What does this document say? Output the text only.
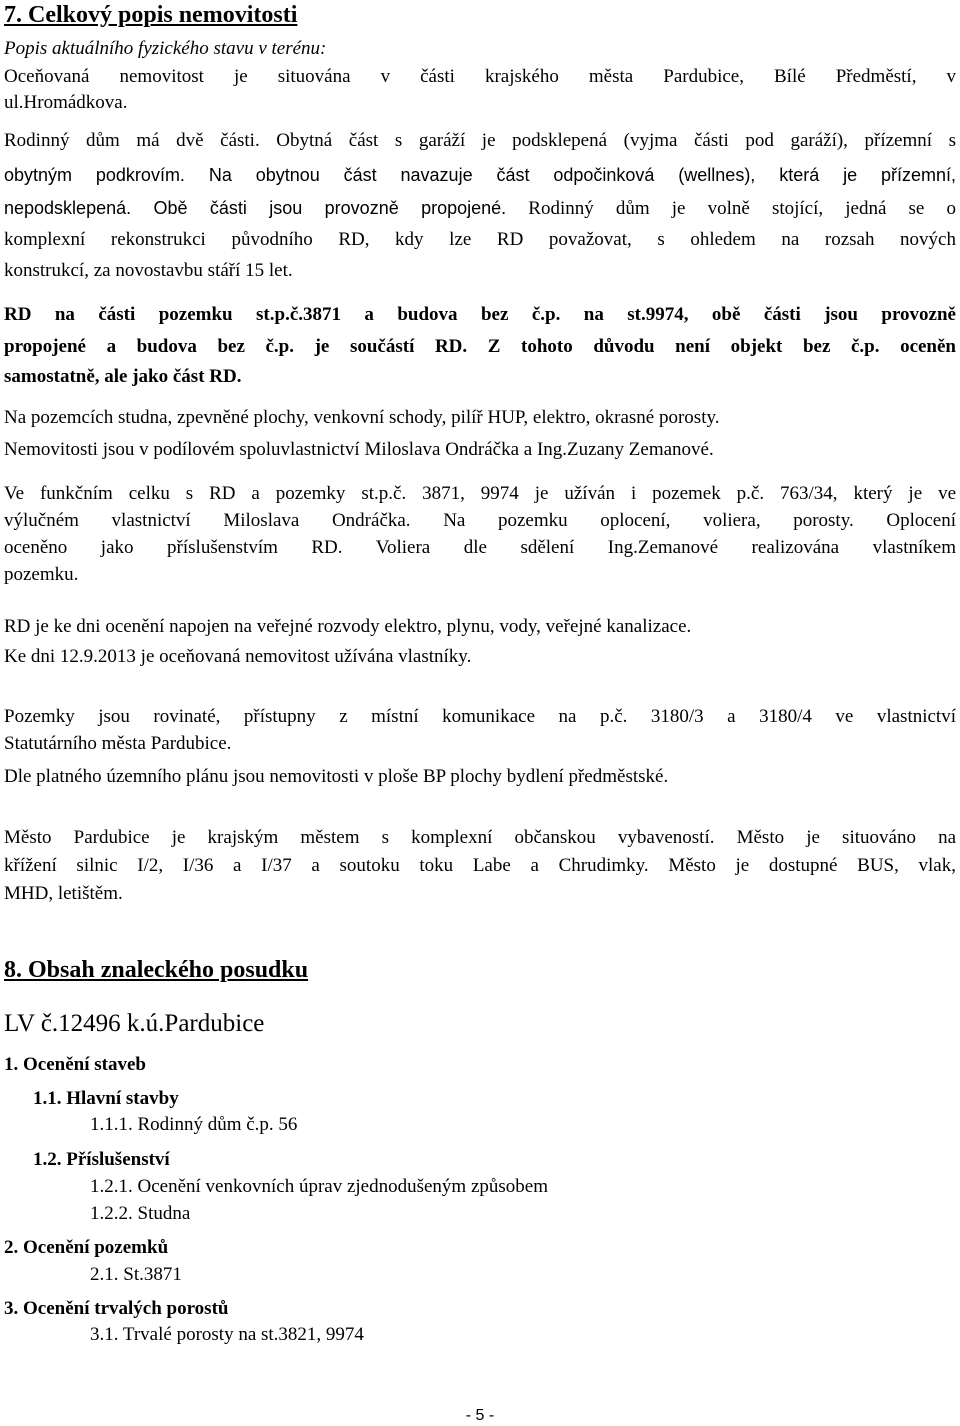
7. Celkový popis nemovitosti
Popis aktuálního fyzického stavu v terénu:
Oceňovaná nemovitost je situována v části krajského města Pardubice, Bílé Předměstí, v
ul.Hromádkova.
Rodinný dům má dvě části. Obytná část s garáží je podsklepená (vyjma části pod garáží), přízemní s
obytným podkrovím. Na obytnou část navazuje část odpočinková (wellnes), která je přízemní,
nepodsklepená. Obě části jsou provozně propojené. Rodinný dům je volně stojící, jedná se o
komplexní rekonstrukci původního RD, kdy lze RD považovat, s ohledem na rozsah nových
konstrukcí, za novostavbu stáří 15 let.
RD na části pozemku st.p.č.3871 a budova bez č.p. na st.9974, obě části jsou provozně
propojené a budova bez č.p. je součástí RD. Z tohoto důvodu není objekt bez č.p. oceněn
samostatně, ale jako část RD.
Na pozemcích studna, zpevněné plochy, venkovní schody, pilíř HUP, elektro, okrasné porosty.
Nemovitosti jsou v podílovém spoluvlastnictví Miloslava Ondráčka a Ing.Zuzany Zemanové.
Ve funkčním celku s RD a pozemky st.p.č. 3871, 9974 je užíván i pozemek p.č. 763/34, který je ve
výlučném vlastnictví Miloslava Ondráčka. Na pozemku oplocení, voliera, porosty. Oplocení
oceněno jako příslušenstvím RD. Voliera dle sdělení Ing.Zemanové realizována vlastníkem
pozemku.
RD je ke dni ocenění napojen na veřejné rozvody elektro, plynu, vody, veřejné kanalizace.
Ke dni 12.9.2013 je oceňovaná nemovitost užívána vlastníky.
Pozemky jsou rovinaté, přístupny z místní komunikace na p.č. 3180/3 a 3180/4 ve vlastnictví
Statutárního města Pardubice.
Dle platného územního plánu jsou nemovitosti v ploše BP plochy bydlení předměstské.
Město Pardubice je krajským městem s komplexní občanskou vybaveností. Město je situováno na
křížení silnic I/2, I/36 a I/37 a soutoku toku Labe a Chrudimky. Město je dostupné BUS, vlak,
MHD, letištěm.
8. Obsah znaleckého posudku
LV č.12496 k.ú.Pardubice
1. Ocenění staveb
1.1. Hlavní stavby
1.1.1. Rodinný dům č.p. 56
1.2. Příslušenství
1.2.1. Ocenění venkovních úprav zjednodušeným způsobem
1.2.2. Studna
2. Ocenění pozemků
2.1. St.3871
3. Ocenění trvalých porostů
3.1. Trvalé porosty na st.3821, 9974
- 5 -
